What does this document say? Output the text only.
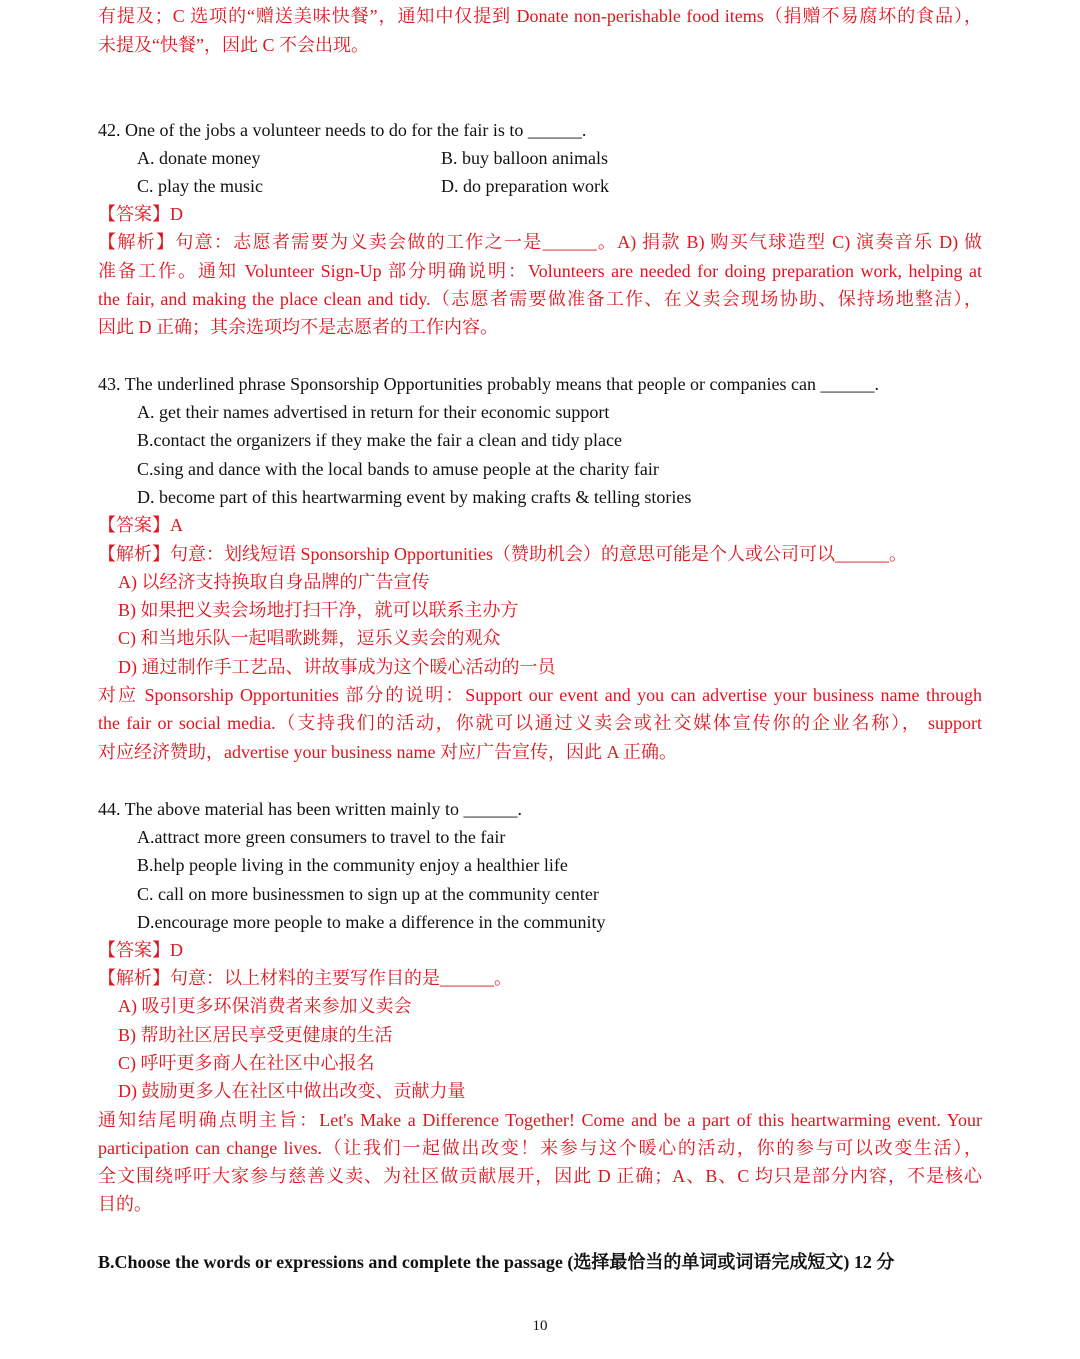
有提及；C 选项的“赠送美味快餐”，通知中仅提到 Donate non-perishable food items（捐赠不易腐坏的食品），
未提及“快餐”，因此 C 不会出现。
42. One of the jobs a volunteer needs to do for the fair is to ______.
A. donate money	B. buy balloon animals
C. play the music	D. do preparation work
【答案】D
【解析】句意：志愿者需要为义卖会做的工作之一是______。A) 捐款 B) 购买气球造型 C) 演奏音乐 D) 做
准备工作。通知 Volunteer Sign-Up 部分明确说明：Volunteers are needed for doing preparation work, helping at
the fair, and making the place clean and tidy.（志愿者需要做准备工作、在义卖会现场协助、保持场地整洁），
因此 D 正确；其余选项均不是志愿者的工作内容。
43. The underlined phrase Sponsorship Opportunities probably means that people or companies can ______.
A. get their names advertised in return for their economic support
B.contact the organizers if they make the fair a clean and tidy place
C.sing and dance with the local bands to amuse people at the charity fair
D. become part of this heartwarming event by making crafts & telling stories
【答案】A
【解析】句意：划线短语 Sponsorship Opportunities（赞助机会）的意思可能是个人或公司可以______。
A) 以经济支持换取自身品牌的广告宣传
B) 如果把义卖会场地打扫干净，就可以联系主办方
C) 和当地乐队一起唱歌跳舞，逗乐义卖会的观众
D) 通过制作手工艺品、讲故事成为这个暖心活动的一员
对应 Sponsorship Opportunities 部分的说明：Support our event and you can advertise your business name through
the fair or social media.（支持我们的活动，你就可以通过义卖会或社交媒体宣传你的企业名称）， support
对应经济赞助，advertise your business name 对应广告宣传，因此 A 正确。
44. The above material has been written mainly to ______.
A.attract more green consumers to travel to the fair
B.help people living in the community enjoy a healthier life
C. call on more businessmen to sign up at the community center
D.encourage more people to make a difference in the community
【答案】D
【解析】句意：以上材料的主要写作目的是______。
A) 吸引更多环保消费者来参加义卖会
B) 帮助社区居民享受更健康的生活
C) 呼吁更多商人在社区中心报名
D) 鼓励更多人在社区中做出改变、贡献力量
通知结尾明确点明主旨：Let's Make a Difference Together! Come and be a part of this heartwarming event. Your
participation can change lives.（让我们一起做出改变！来参与这个暖心的活动，你的参与可以改变生活），
全文围绕呼吁大家参与慈善义卖、为社区做贡献展开，因此 D 正确；A、B、C 均只是部分内容，不是核心
目的。
B.Choose the words or expressions and complete the passage (选择最恰当的单词或词语完成短文) 12 分
10
